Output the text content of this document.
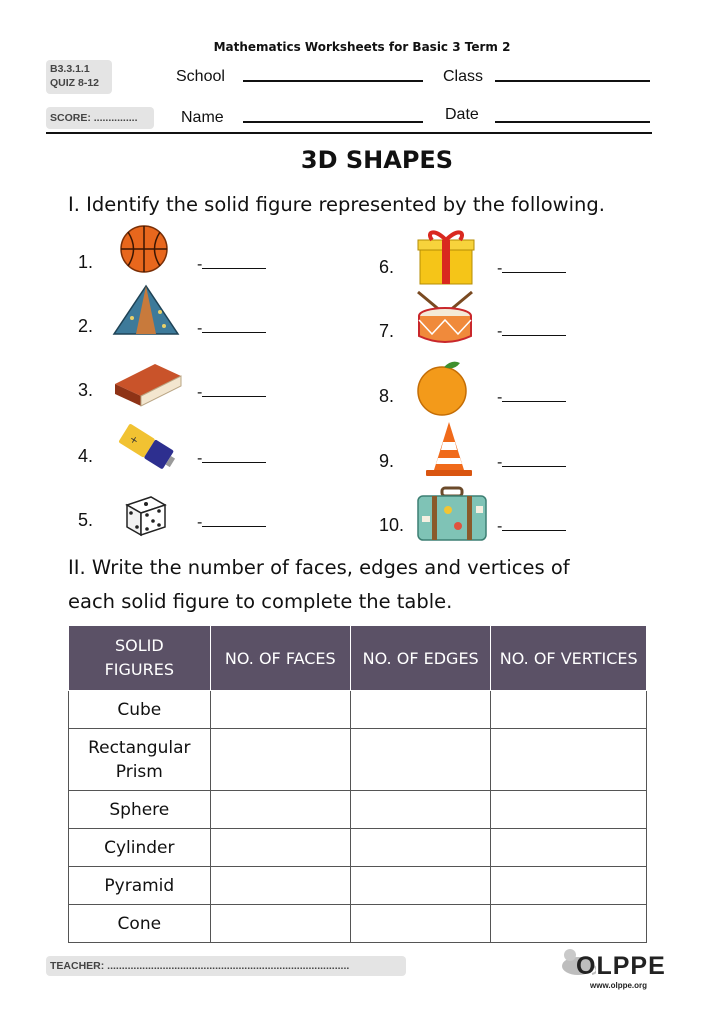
Mathematics Worksheets for Basic 3 Term 2
B3.3.1.1
QUIZ 8-12
SCORE: ...............
School	Class
Name	Date
3D SHAPES
I. Identify the solid figure represented by the following.
1.	-
2.	-
3.	-
4.
+
-
5.	-
6.	-
7.	-
8.	-
9.	-
10.	-
II. Write the number of faces, edges and vertices of
each solid figure to complete the table.
SOLID FIGURES	NO. OF FACES	NO. OF EDGES	NO. OF VERTICES
Cube			

Rectangular Prism			

Sphere			
Cylinder			
Pyramid			
Cone			
TEACHER: ...................................................................................	OLPPE
www.olppe.org
